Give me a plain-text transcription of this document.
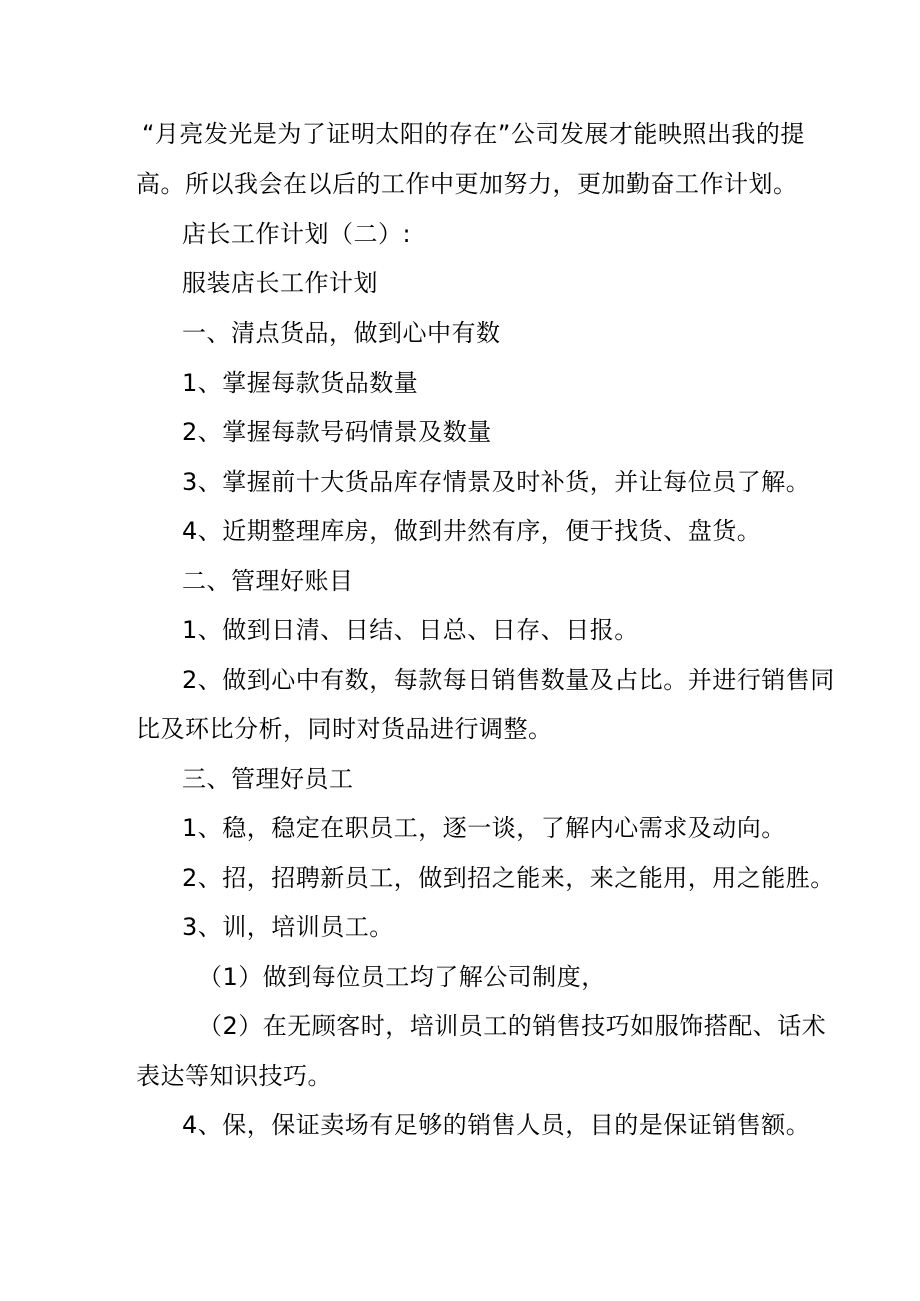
“月亮发光是为了证明太阳的存在”公司发展才能映照出我的提
高。所以我会在以后的工作中更加努力，更加勤奋工作计划。
店长工作计划（二）:
服装店长工作计划
一、清点货品，做到心中有数
1、掌握每款货品数量
2、掌握每款号码情景及数量
3、掌握前十大货品库存情景及时补货，并让每位员了解。
4、近期整理库房，做到井然有序，便于找货、盘货。
二、管理好账目
1、做到日清、日结、日总、日存、日报。
2、做到心中有数，每款每日销售数量及占比。并进行销售同
比及环比分析，同时对货品进行调整。
三、管理好员工
1、稳，稳定在职员工，逐一谈，了解内心需求及动向。
2、招，招聘新员工，做到招之能来，来之能用，用之能胜。
3、训，培训员工。
（1）做到每位员工均了解公司制度，
（2）在无顾客时，培训员工的销售技巧如服饰搭配、话术
表达等知识技巧。
4、保，保证卖场有足够的销售人员，目的是保证销售额。
